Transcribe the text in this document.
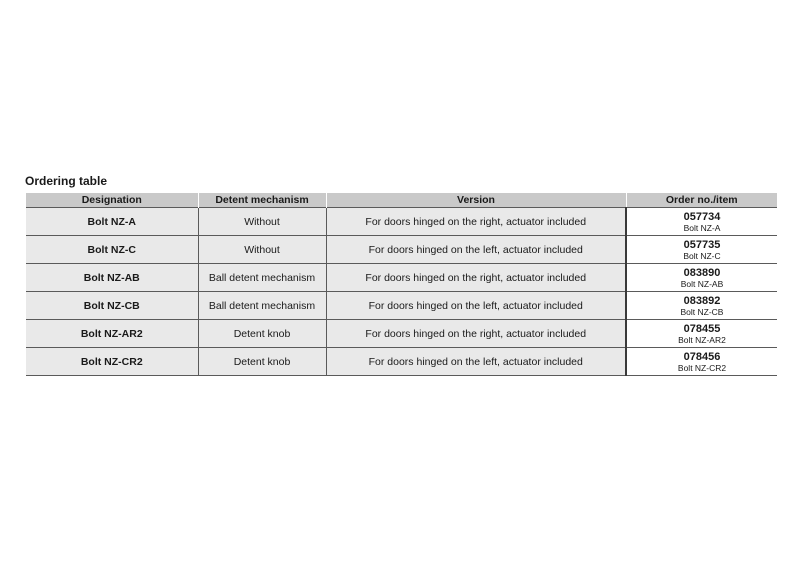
Ordering table
Designation	Detent mechanism	Version	Order no./item
Bolt NZ-A	Without	For doors hinged on the right, actuator included	057734
Bolt NZ-A

Bolt NZ-C	Without	For doors hinged on the left, actuator included	057735
Bolt NZ-C

Bolt NZ-AB	Ball detent mechanism	For doors hinged on the right, actuator included	083890
Bolt NZ-AB

Bolt NZ-CB	Ball detent mechanism	For doors hinged on the left, actuator included	083892
Bolt NZ-CB

Bolt NZ-AR2	Detent knob	For doors hinged on the right, actuator included	078455
Bolt NZ-AR2

Bolt NZ-CR2	Detent knob	For doors hinged on the left, actuator included	078456
Bolt NZ-CR2
